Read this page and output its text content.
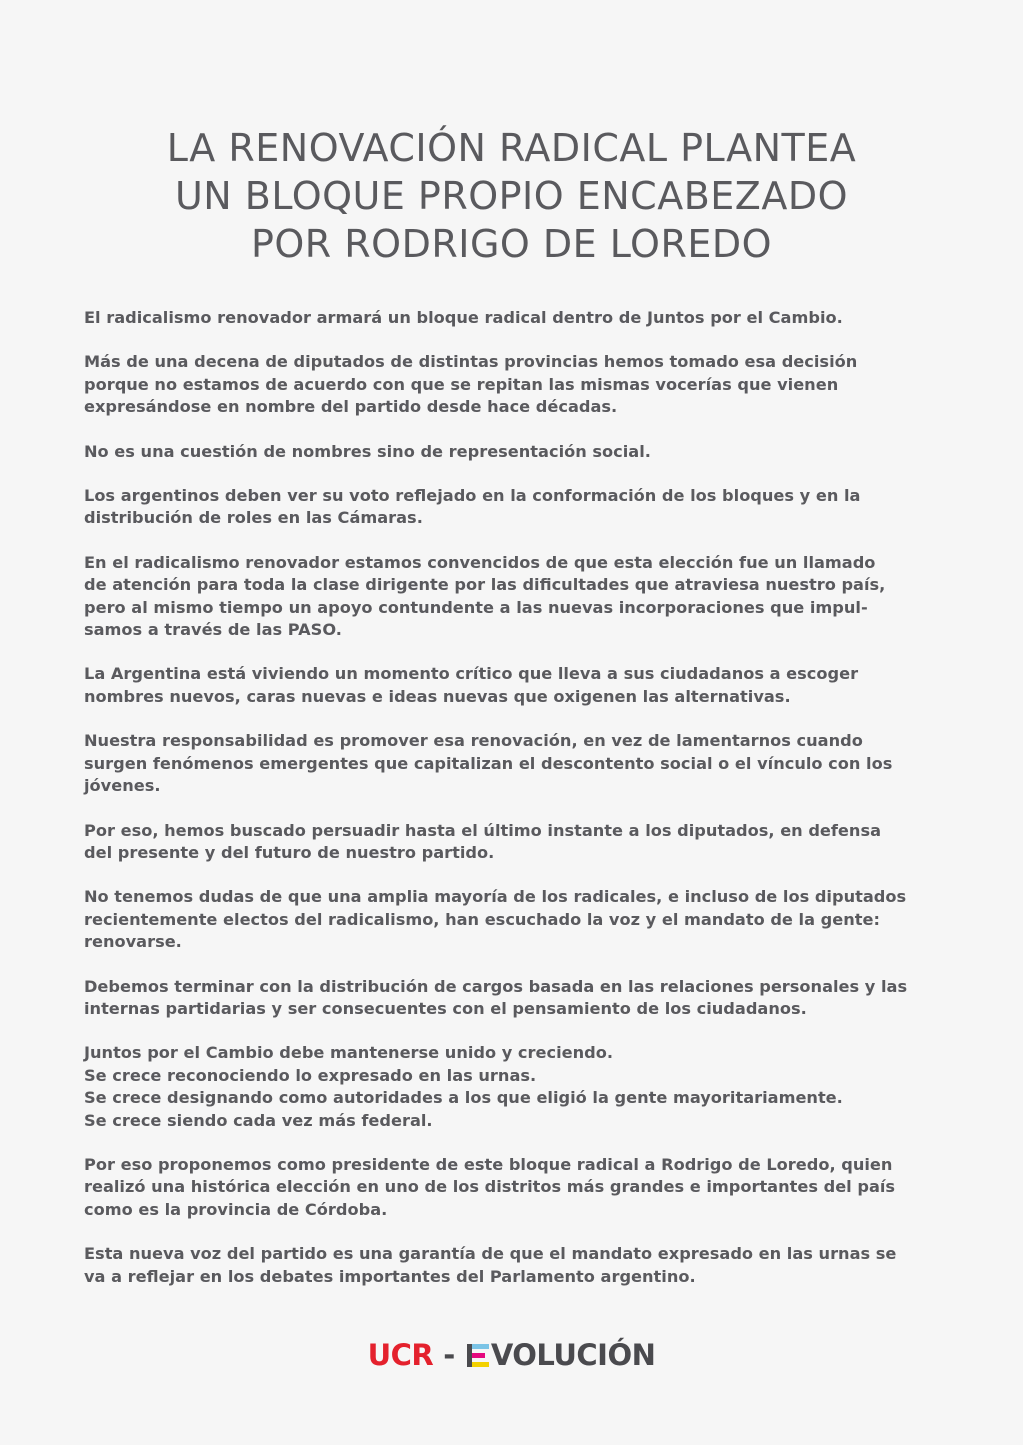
LA RENOVACIÓN RADICAL PLANTEA
UN BLOQUE PROPIO ENCABEZADO
POR RODRIGO DE LOREDO

El radicalismo renovador armará un bloque radical dentro de Juntos por el Cambio.

Más de una decena de diputados de distintas provincias hemos tomado esa decisión
porque no estamos de acuerdo con que se repitan las mismas vocerías que vienen
expresándose en nombre del partido desde hace décadas.

No es una cuestión de nombres sino de representación social.

Los argentinos deben ver su voto reflejado en la conformación de los bloques y en la
distribución de roles en las Cámaras.

En el radicalismo renovador estamos convencidos de que esta elección fue un llamado
de atención para toda la clase dirigente por las dificultades que atraviesa nuestro país,
pero al mismo tiempo un apoyo contundente a las nuevas incorporaciones que impul-
samos a través de las PASO.

La Argentina está viviendo un momento crítico que lleva a sus ciudadanos a escoger
nombres nuevos, caras nuevas e ideas nuevas que oxigenen las alternativas.

Nuestra responsabilidad es promover esa renovación, en vez de lamentarnos cuando
surgen fenómenos emergentes que capitalizan el descontento social o el vínculo con los
jóvenes.

Por eso, hemos buscado persuadir hasta el último instante a los diputados, en defensa
del presente y del futuro de nuestro partido.

No tenemos dudas de que una amplia mayoría de los radicales, e incluso de los diputados
recientemente electos del radicalismo, han escuchado la voz y el mandato de la gente:
renovarse.

Debemos terminar con la distribución de cargos basada en las relaciones personales y las
internas partidarias y ser consecuentes con el pensamiento de los ciudadanos.

Juntos por el Cambio debe mantenerse unido y creciendo.
Se crece reconociendo lo expresado en las urnas.
Se crece designando como autoridades a los que eligió la gente mayoritariamente.
Se crece siendo cada vez más federal.

Por eso proponemos como presidente de este bloque radical a Rodrigo de Loredo, quien
realizó una histórica elección en uno de los distritos más grandes e importantes del país
como es la provincia de Córdoba.

Esta nueva voz del partido es una garantía de que el mandato expresado en las urnas se
va a reflejar en los debates importantes del Parlamento argentino.

UCR - VOLUCIÓN
